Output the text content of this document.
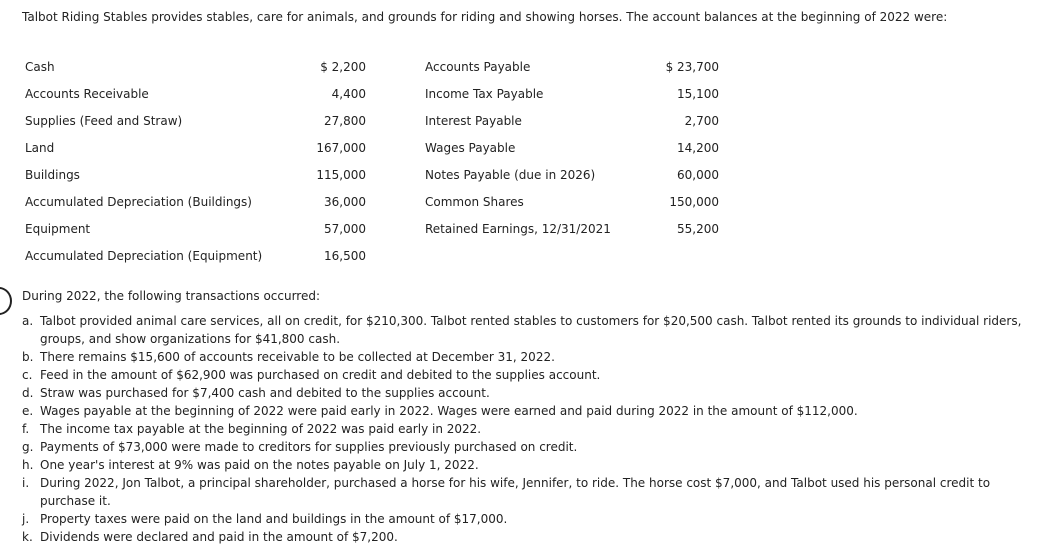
Talbot Riding Stables provides stables, care for animals, and grounds for riding and showing horses. The account balances at the beginning of 2022 were:
Cash	$ 2,200	Accounts Payable	$ 23,700
Accounts Receivable	4,400	Income Tax Payable	15,100
Supplies (Feed and Straw)	27,800	Interest Payable	2,700
Land	167,000	Wages Payable	14,200
Buildings	115,000	Notes Payable (due in 2026)	60,000
Accumulated Depreciation (Buildings)	36,000	Common Shares	150,000
Equipment	57,000	Retained Earnings, 12/31/2021	55,200
Accumulated Depreciation (Equipment)	16,500
During 2022, the following transactions occurred:
a. Talbot provided animal care services, all on credit, for $210,300. Talbot rented stables to customers for $20,500 cash. Talbot rented its grounds to individual riders, groups, and show organizations for $41,800 cash.
b. There remains $15,600 of accounts receivable to be collected at December 31, 2022.
c. Feed in the amount of $62,900 was purchased on credit and debited to the supplies account.
d. Straw was purchased for $7,400 cash and debited to the supplies account.
e. Wages payable at the beginning of 2022 were paid early in 2022. Wages were earned and paid during 2022 in the amount of $112,000.
f. The income tax payable at the beginning of 2022 was paid early in 2022.
g. Payments of $73,000 were made to creditors for supplies previously purchased on credit.
h. One year's interest at 9% was paid on the notes payable on July 1, 2022.
i. During 2022, Jon Talbot, a principal shareholder, purchased a horse for his wife, Jennifer, to ride. The horse cost $7,000, and Talbot used his personal credit to purchase it.
j. Property taxes were paid on the land and buildings in the amount of $17,000.
k. Dividends were declared and paid in the amount of $7,200.
